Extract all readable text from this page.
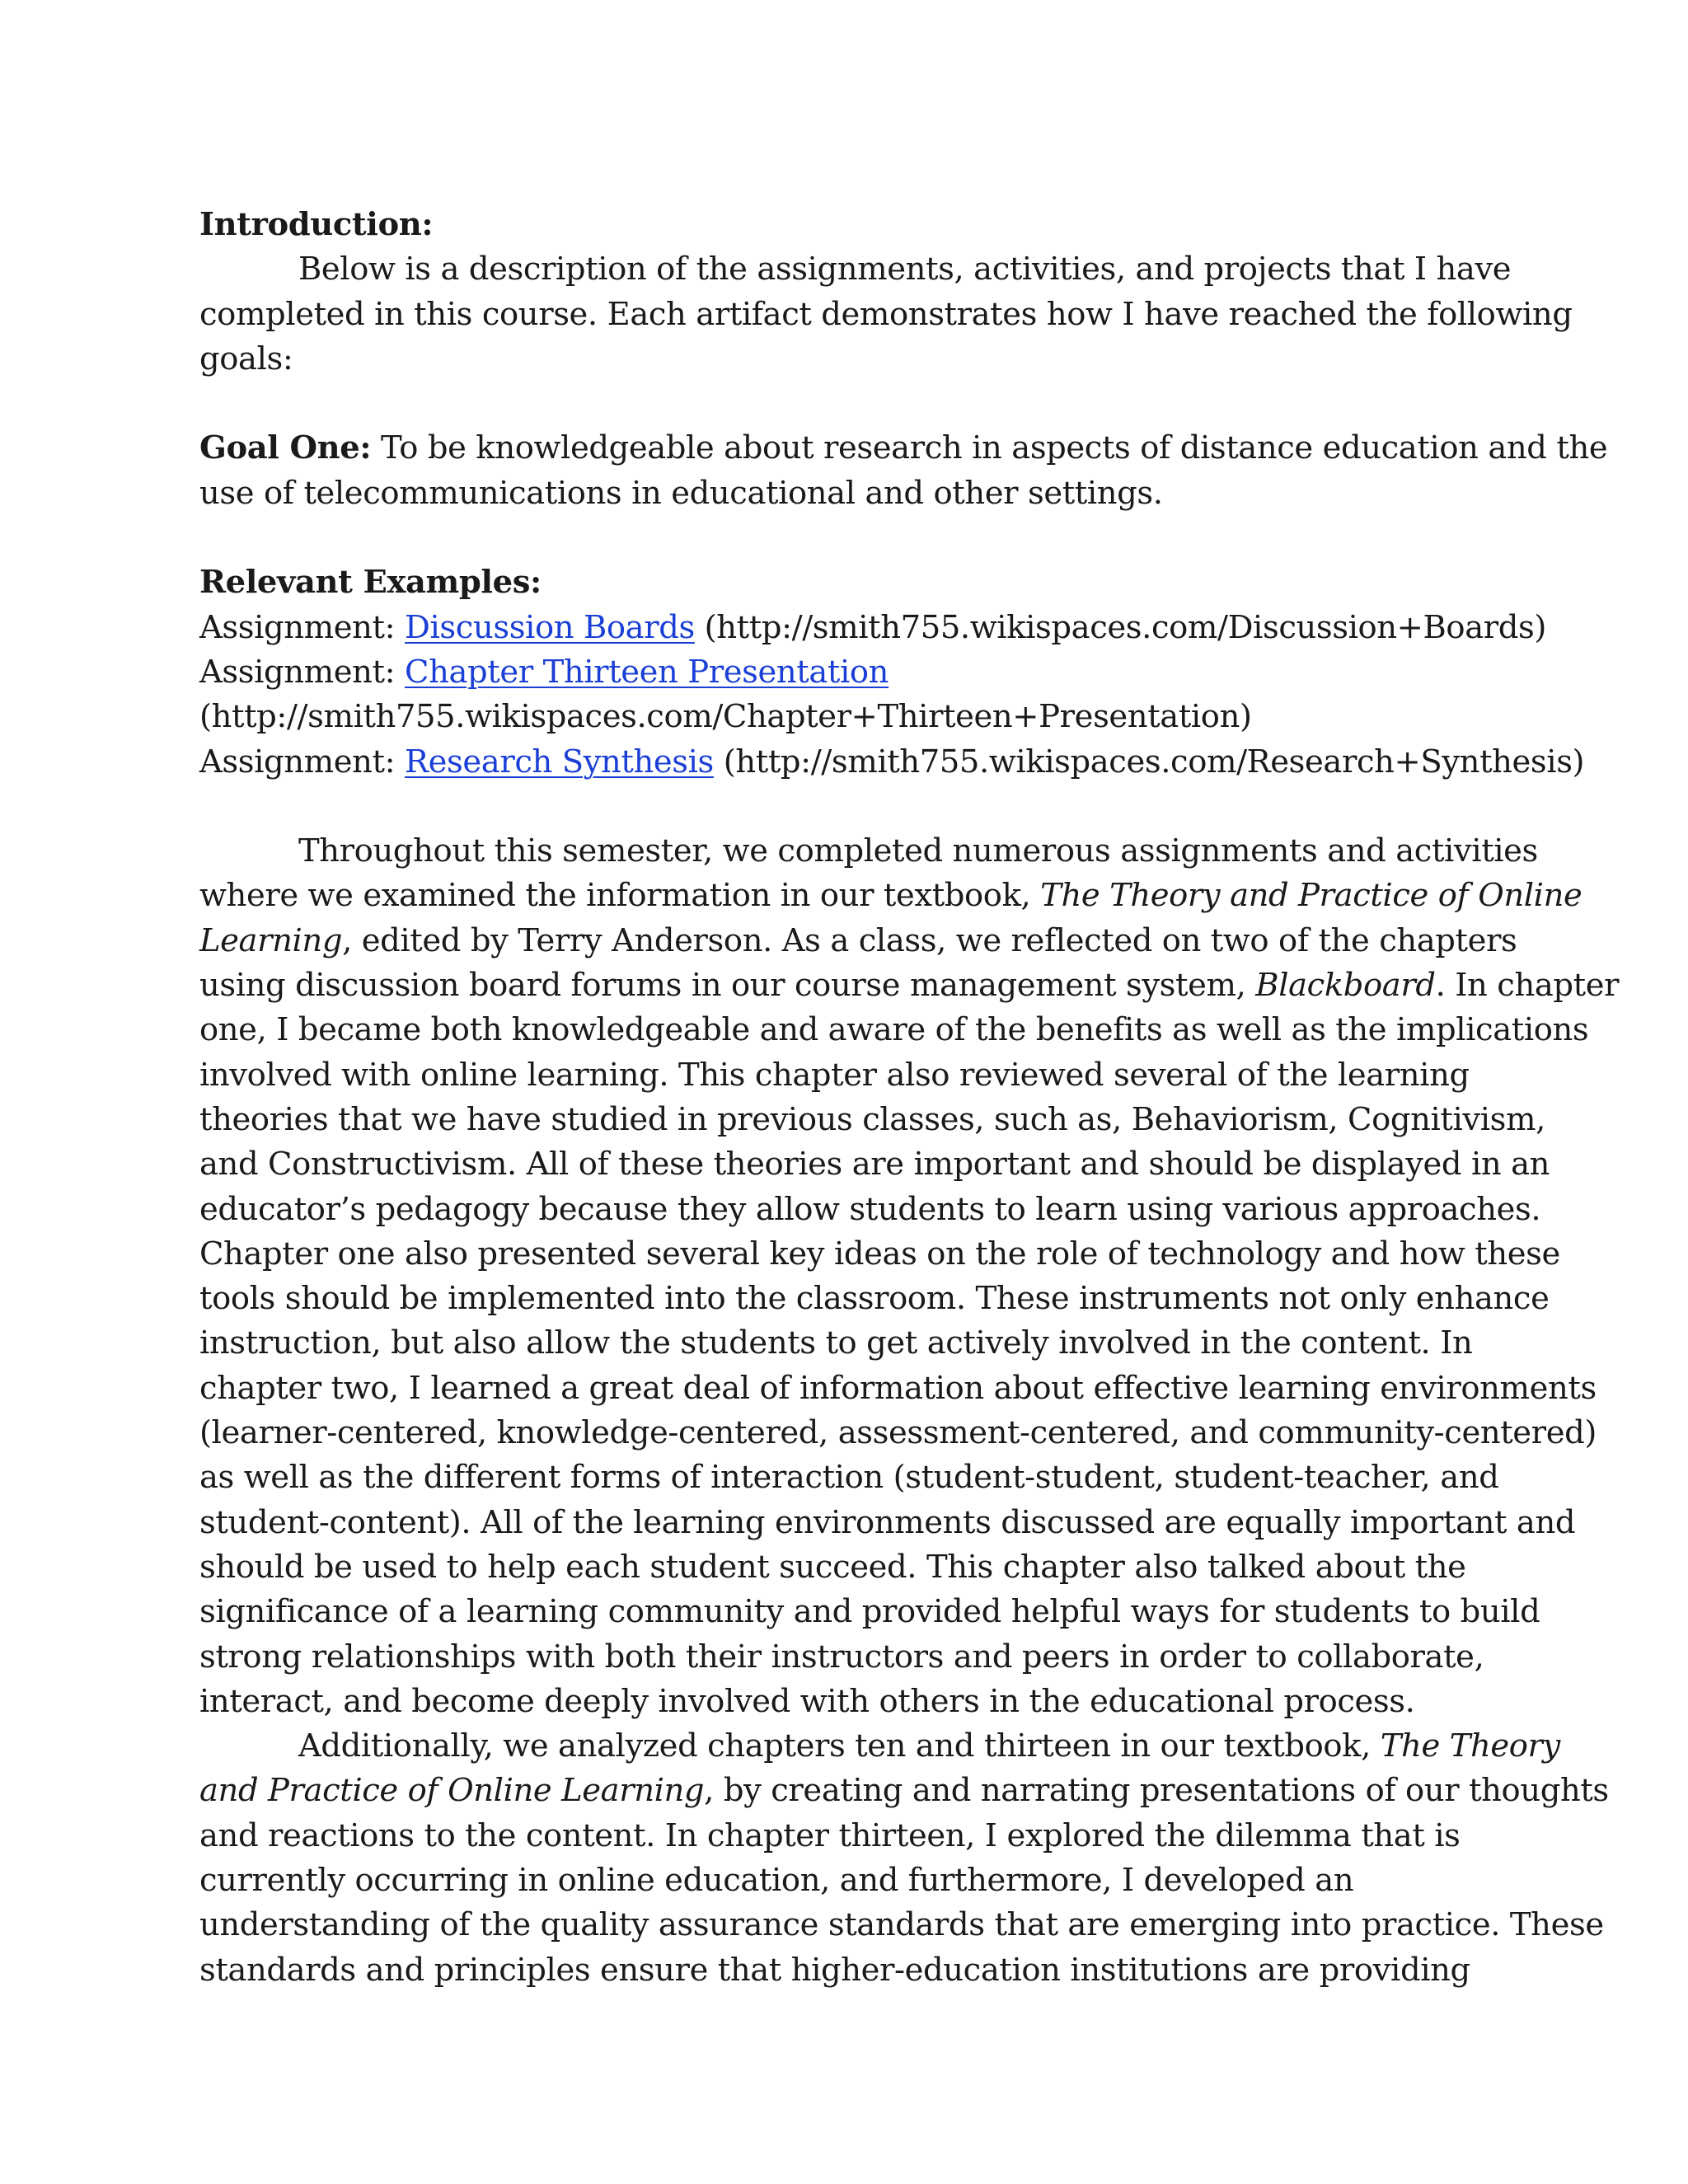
Introduction:
Below is a description of the assignments, activities, and projects that I have
completed in this course. Each artifact demonstrates how I have reached the following
goals:
Goal One: To be knowledgeable about research in aspects of distance education and the
use of telecommunications in educational and other settings.
Relevant Examples:
Assignment: Discussion Boards (http://smith755.wikispaces.com/Discussion+Boards)
Assignment: Chapter Thirteen Presentation
(http://smith755.wikispaces.com/Chapter+Thirteen+Presentation)
Assignment: Research Synthesis (http://smith755.wikispaces.com/Research+Synthesis)
Throughout this semester, we completed numerous assignments and activities
where we examined the information in our textbook, The Theory and Practice of Online
Learning, edited by Terry Anderson. As a class, we reflected on two of the chapters
using discussion board forums in our course management system, Blackboard. In chapter
one, I became both knowledgeable and aware of the benefits as well as the implications
involved with online learning. This chapter also reviewed several of the learning
theories that we have studied in previous classes, such as, Behaviorism, Cognitivism,
and Constructivism. All of these theories are important and should be displayed in an
educator’s pedagogy because they allow students to learn using various approaches.
Chapter one also presented several key ideas on the role of technology and how these
tools should be implemented into the classroom. These instruments not only enhance
instruction, but also allow the students to get actively involved in the content. In
chapter two, I learned a great deal of information about effective learning environments
(learner-centered, knowledge-centered, assessment-centered, and community-centered)
as well as the different forms of interaction (student-student, student-teacher, and
student-content). All of the learning environments discussed are equally important and
should be used to help each student succeed. This chapter also talked about the
significance of a learning community and provided helpful ways for students to build
strong relationships with both their instructors and peers in order to collaborate,
interact, and become deeply involved with others in the educational process.
Additionally, we analyzed chapters ten and thirteen in our textbook, The Theory
and Practice of Online Learning, by creating and narrating presentations of our thoughts
and reactions to the content. In chapter thirteen, I explored the dilemma that is
currently occurring in online education, and furthermore, I developed an
understanding of the quality assurance standards that are emerging into practice. These
standards and principles ensure that higher-education institutions are providing
